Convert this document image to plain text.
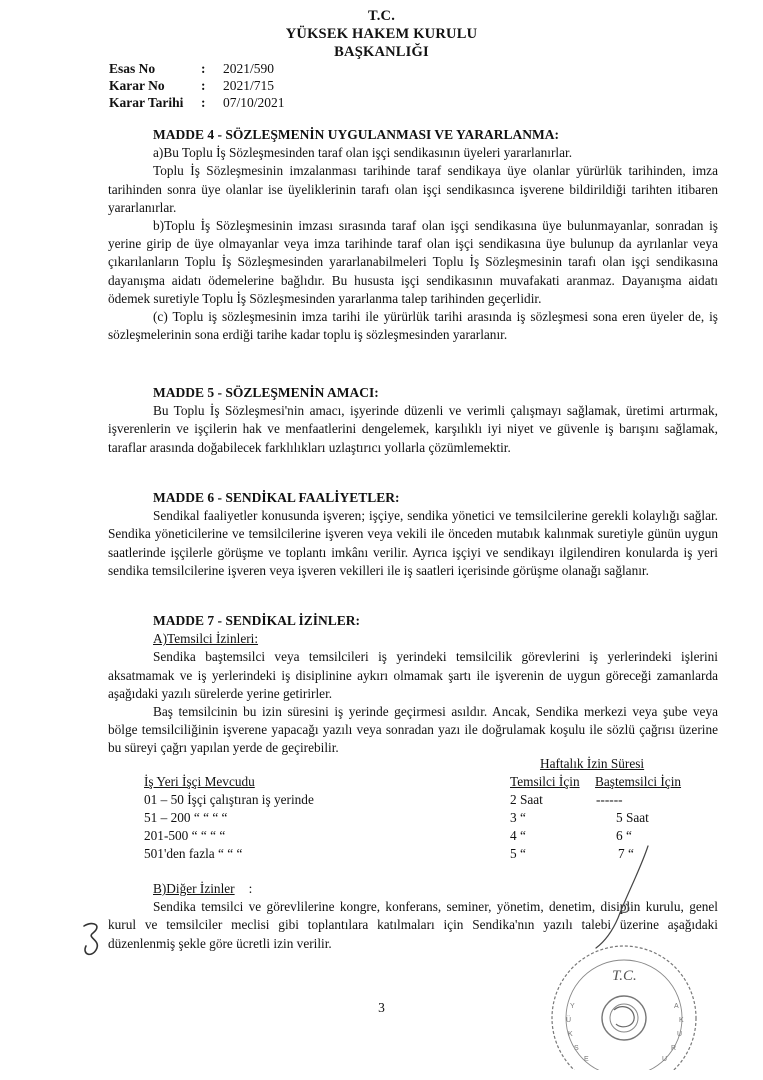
T.C.
YÜKSEK HAKEM KURULU
BAŞKANLIĞI
Esas No	:	2021/590
Karar No	:	2021/715
Karar Tarihi	:	07/10/2021
MADDE 4 - SÖZLEŞMENİN UYGULANMASI VE YARARLANMA:
a)Bu Toplu İş Sözleşmesinden taraf olan işçi sendikasının üyeleri yararlanırlar.
Toplu İş Sözleşmesinin imzalanması tarihinde taraf sendikaya üye olanlar yürürlük tarihinden, imza tarihinden sonra üye olanlar ise üyeliklerinin tarafı olan işçi sendikasınca işverene bildirildiği tarihten itibaren yararlanırlar.
b)Toplu İş Sözleşmesinin imzası sırasında taraf olan işçi sendikasına üye bulunmayanlar, sonradan iş yerine girip de üye olmayanlar veya imza tarihinde taraf olan işçi sendikasına üye bulunup da ayrılanlar veya çıkarılanların Toplu İş Sözleşmesinden yararlanabilmeleri Toplu İş Sözleşmesinin tarafı olan işçi sendikasına dayanışma aidatı ödemelerine bağlıdır. Bu hususta işçi sendikasının muvafakati aranmaz. Dayanışma aidatı ödemek suretiyle Toplu İş Sözleşmesinden yararlanma talep tarihinden geçerlidir.
(c) Toplu iş sözleşmesinin imza tarihi ile yürürlük tarihi arasında iş sözleşmesi sona eren üyeler de, iş sözleşmelerinin sona erdiği tarihe kadar toplu iş sözleşmesinden yararlanır.
MADDE 5 - SÖZLEŞMENİN AMACI:
Bu Toplu İş Sözleşmesi'nin amacı, işyerinde düzenli ve verimli çalışmayı sağlamak, üretimi artırmak, işverenlerin ve işçilerin hak ve menfaatlerini dengelemek, karşılıklı iyi niyet ve güvenle iş barışını sağlamak, taraflar arasında doğabilecek farklılıkları uzlaştırıcı yollarla çözümlemektir.
MADDE 6 - SENDİKAL FAALİYETLER:
Sendikal faaliyetler konusunda işveren; işçiye, sendika yönetici ve temsilcilerine gerekli kolaylığı sağlar. Sendika yöneticilerine ve temsilcilerine işveren veya vekili ile önceden mutabık kalınmak suretiyle günün uygun saatlerinde işçilerle görüşme ve toplantı imkânı verilir. Ayrıca işçiyi ve sendikayı ilgilendiren konularda iş yeri sendika temsilcilerine işveren veya işveren vekilleri ile iş saatleri içerisinde görüşme olanağı sağlanır.
MADDE 7 - SENDİKAL İZİNLER:
A)Temsilci İzinleri:
Sendika baştemsilci veya temsilcileri iş yerindeki temsilcilik görevlerini iş yerlerindeki işlerini aksatmamak ve iş yerlerindeki iş disiplinine aykırı olmamak şartı ile işverenin de uygun göreceği zamanlarda aşağıdaki yazılı sürelerde yerine getirirler.
Baş temsilcinin bu izin süresini iş yerinde geçirmesi asıldır. Ancak, Sendika merkezi veya şube veya bölge temsilciliğinin işverene yapacağı yazılı veya sonradan yazı ile doğrulamak koşulu ile sözlü çağrısı üzerine bu süreyi çağrı yapılan yerde de geçirebilir.
Haftalık İzin Süresi
İş Yeri İşçi Mevcudu	Temsilci İçin Baştemsilci İçin
01 – 50 İşçi çalıştıran iş yerinde	2 Saat	------
51 – 200 “ “ “ “	3 “	5 Saat
201-500 “ “ “ “	4 “	6 “
501'den fazla “ “ “	5 “	7 “
B)Diğer İzinler :
Sendika temsilci ve görevlilerine kongre, konferans, seminer, yönetim, denetim, disiplin kurulu, genel kurul ve temsilciler meclisi gibi toplantılara katılmaları için Sendika'nın yazılı talebi üzerine aşağıdaki düzenlenmiş şekle göre ücretli izin verilir.
3
T.C.
Y
Ü
K
S
E
A
K
U
R
U
